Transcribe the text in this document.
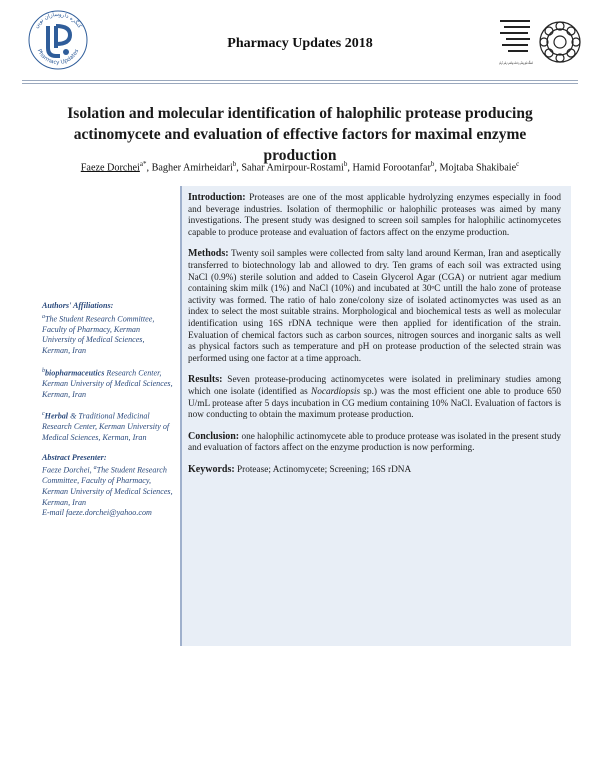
کنگره داروسازان نوین
Pharmacy Updates
Pharmacy Updates 2018
دانشگاه علوم پزشکی و خدمات بهداشتی درمانی کرمان
Isolation and molecular identification of halophilic protease producing
actinomycete and evaluation of effective factors for maximal enzyme production
Faeze Dorchei$^{a*}$, Bagher Amirheidari$^b$, Sahar Amirpour-Rostami$^b$, Hamid Forootanfar$^b$, Mojtaba Shakibaie$^c$

Authors' Affiliations:
$^a$The Student Research Committee, Faculty of Pharmacy, Kerman University of Medical Sciences, Kerman, Iran

$^b$biopharmaceutics Research Center, Kerman University of Medical Sciences, Kerman, Iran

$^c$Herbal & Traditional Medicinal Research Center, Kerman University of Medical Sciences, Kerman, Iran

Abstract Presenter:
Faeze Dorchei, $^a$The Student Research Committee, Faculty of Pharmacy, Kerman University of Medical Sciences, Kerman, Iran
E-mail faeze.dorchei@yahoo.com

Introduction: Proteases are one of the most applicable hydrolyzing enzymes especially in food and beverage industries. Isolation of thermophilic or halophilic proteases was aimed by many investigations. The present study was designed to screen soil samples for halophilic actinomycetes capable to produce protease and evaluation of factors affect on the enzyme production.

Methods: Twenty soil samples were collected from salty land around Kerman, Iran and aseptically transferred to biotechnology lab and allowed to dry. Ten grams of each soil was extracted using NaCl (0.9%) sterile solution and added to Casein Glycerol Agar (CGA) or nutrient agar medium containing skim milk (1%) and NaCl (10%) and incubated at 30ᵒC untill the halo zone of protease activity was formed. The ratio of halo zone/colony size of isolated actinomyctes was used as an index to select the most suitable strains. Morphological and biochemical tests as well as molecular identification using 16S rDNA technique were then applied for identification of the strain. Evaluation of chemical factors such as carbon sources, nitrogen sources and inorganic salts as well as physical factors such as temperature and pH on protease production of the selected strain was performed using one factor at a time approach.

Results: Seven protease-producing actinomycetes were isolated in preliminary studies among which one isolate (identified as Nocardiopsis sp.) was the most efficient one able to produce 650 U/mL protease after 5 days incubation in CG medium containing 10% NaCl. Evaluation of factors is now conducting to obtain the maximum protease production.

Conclusion: one halophilic actinomycete able to produce protease was isolated in the present study and evaluation of factors affect on the enzyme production is now performing.

Keywords: Protease; Actinomycete; Screening; 16S rDNA
